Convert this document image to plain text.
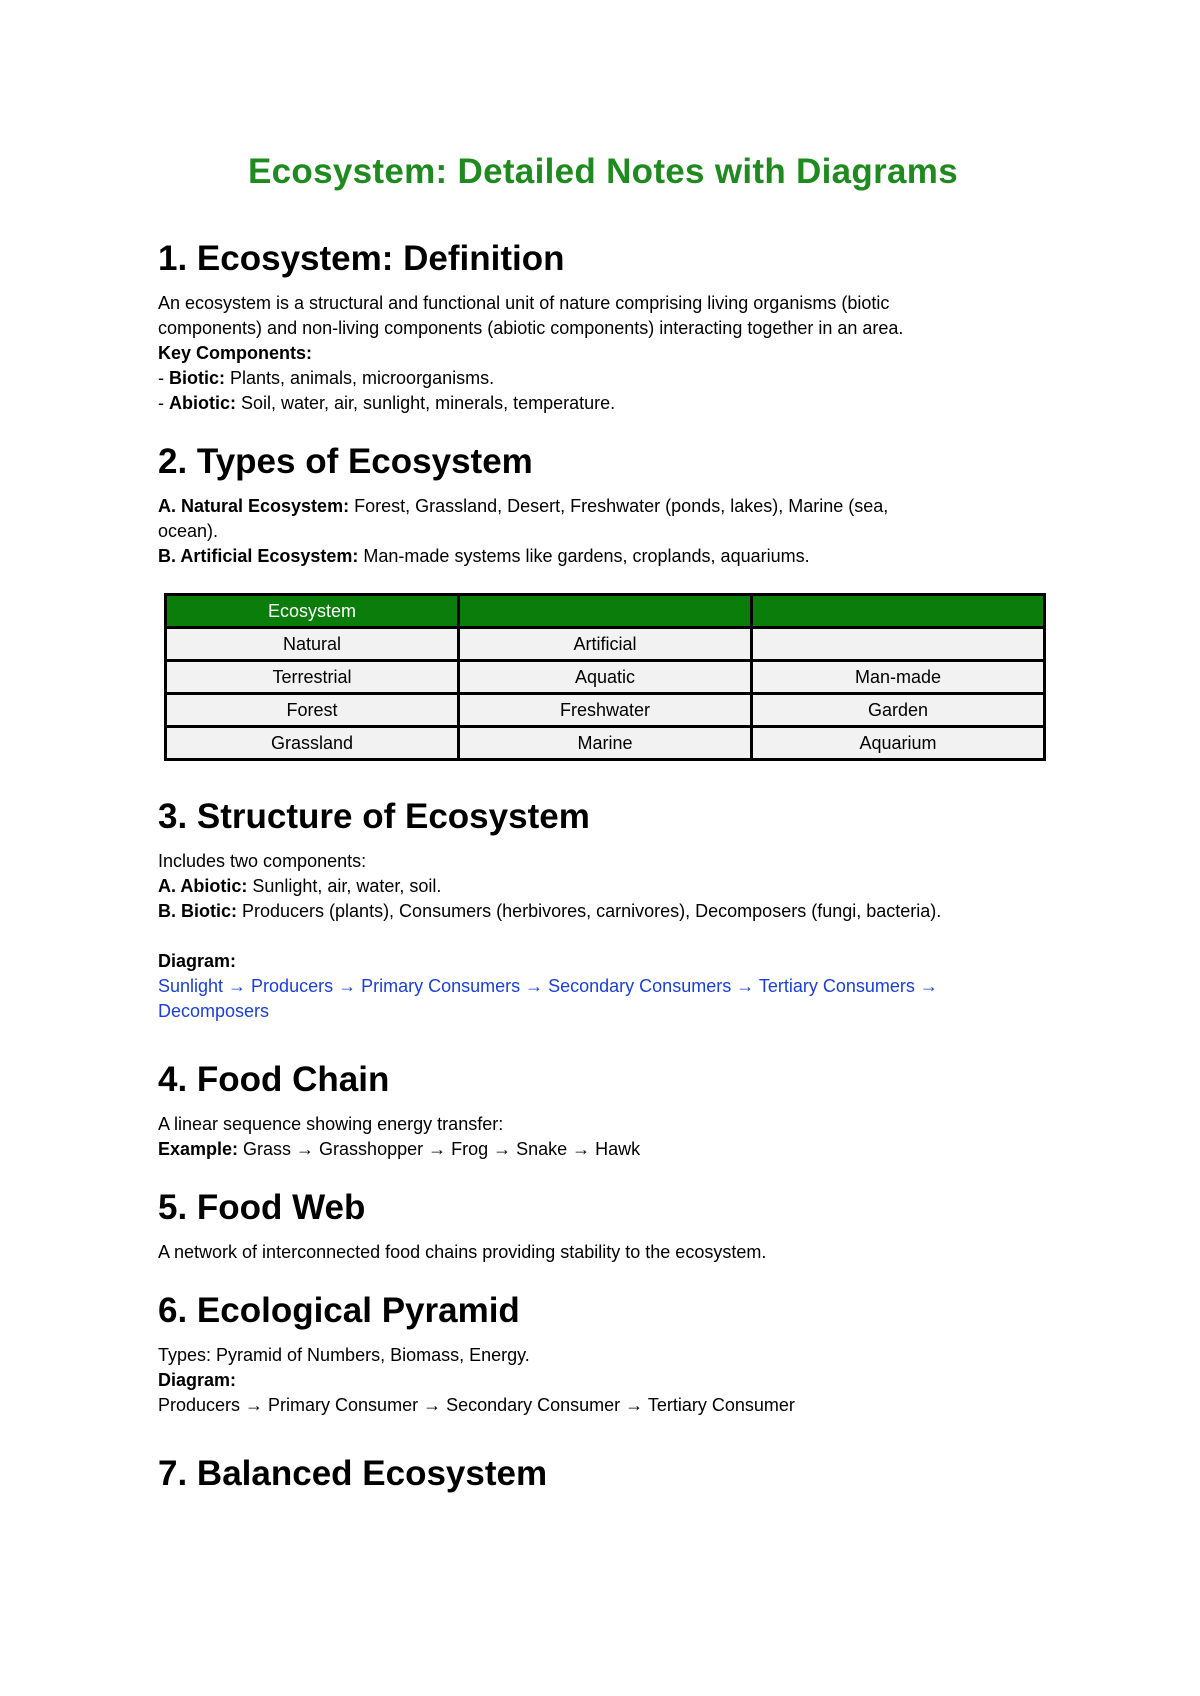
Ecosystem: Detailed Notes with Diagrams
1. Ecosystem: Definition

An ecosystem is a structural and functional unit of nature comprising living organisms (biotic

components) and non-living components (abiotic components) interacting together in an area.

Key Components:

- Biotic: Plants, animals, microorganisms.

- Abiotic: Soil, water, air, sunlight, minerals, temperature.

2. Types of Ecosystem

A. Natural Ecosystem: Forest, Grassland, Desert, Freshwater (ponds, lakes), Marine (sea,

ocean).

B. Artificial Ecosystem: Man-made systems like gardens, croplands, aquariums.

Ecosystem		
Natural	Artificial	
Terrestrial	Aquatic	Man-made
Forest	Freshwater	Garden
Grassland	Marine	Aquarium
3. Structure of Ecosystem

Includes two components:

A. Abiotic: Sunlight, air, water, soil.

B. Biotic: Producers (plants), Consumers (herbivores, carnivores), Decomposers (fungi, bacteria).

Diagram:

Sunlight → Producers → Primary Consumers → Secondary Consumers → Tertiary Consumers →

Decomposers

4. Food Chain

A linear sequence showing energy transfer:

Example: Grass → Grasshopper → Frog → Snake → Hawk

5. Food Web

A network of interconnected food chains providing stability to the ecosystem.

6. Ecological Pyramid

Types: Pyramid of Numbers, Biomass, Energy.

Diagram:

Producers → Primary Consumer → Secondary Consumer → Tertiary Consumer

7. Balanced Ecosystem
